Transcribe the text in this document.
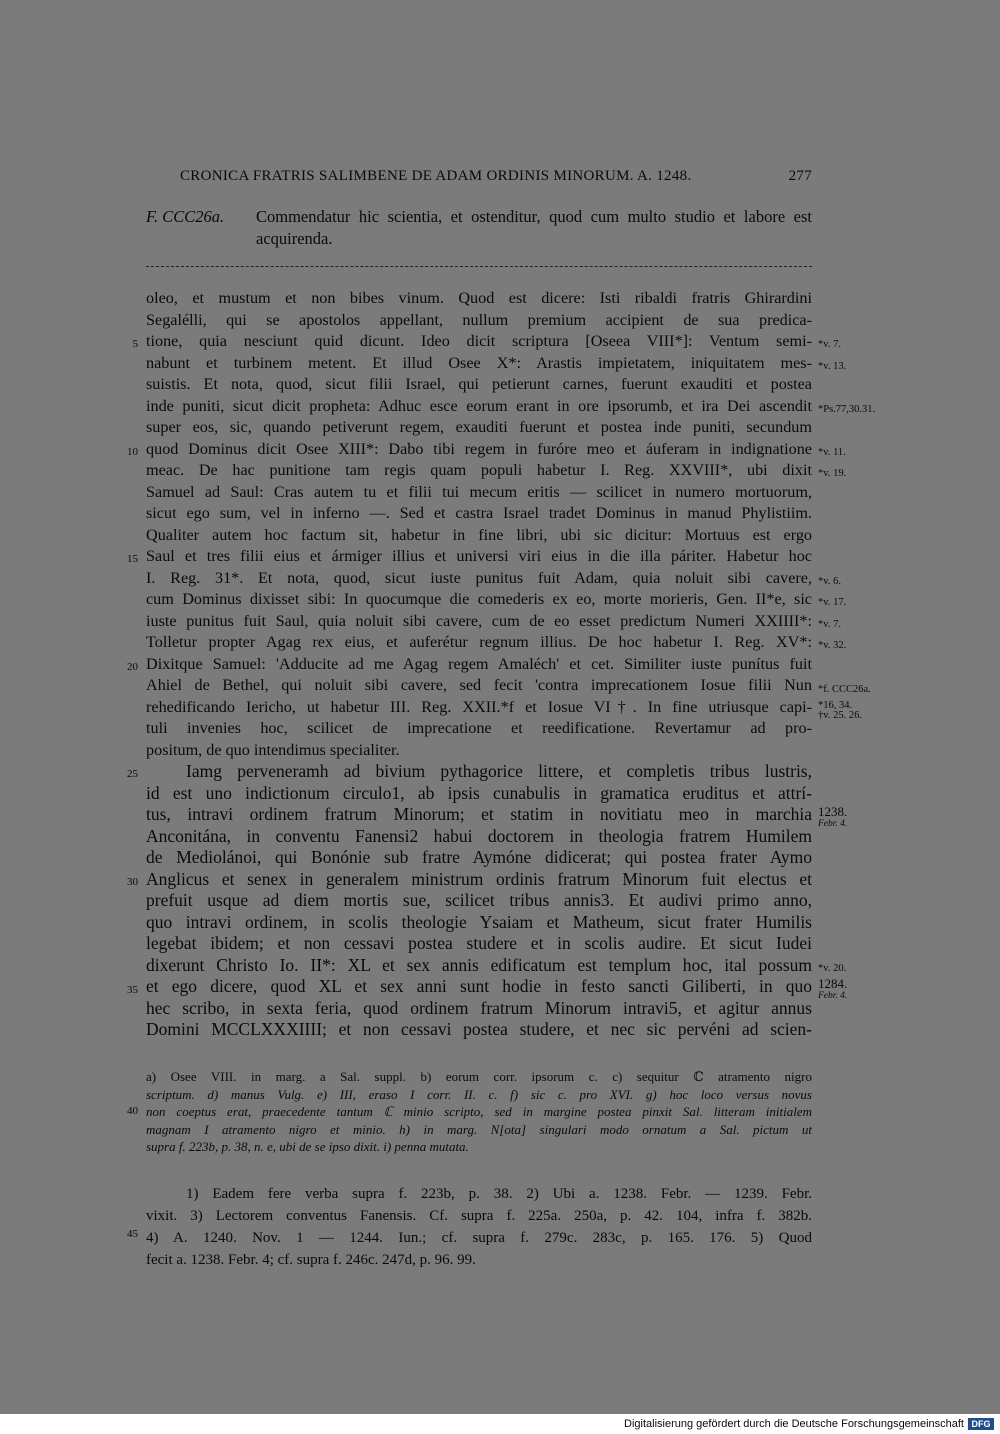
CRONICA FRATRIS SALIMBENE DE ADAM ORDINIS MINORUM. A. 1248.	277
F. CCC26a. Commendatur hic scientia, et ostenditur, quod cum multo studio et labore est acquirenda.
oleo, et mustum et non bibes vinum. Quod est dicere: Isti ribaldi fratris Ghirardini
Segalélli, qui se apostolos appellant, nullum premium accipient de sua predica-
tione, quia nesciunt quid dicunt. Ideo dicit scriptura [Oseea VIII*]: Ventum semi-
nabunt et turbinem metent. Et illud Osee X*: Arastis impietatem, iniquitatem mes-
suistis. Et nota, quod, sicut filii Israel, qui petierunt carnes, fuerunt exauditi et postea
inde puniti, sicut dicit propheta: Adhuc esce eorum erant in ore ipsorumb, et ira Dei ascendit
super eos, sic, quando petiverunt regem, exauditi fuerunt et postea inde puniti, secundum
quod Dominus dicit Osee XIII*: Dabo tibi regem in furóre meo et áuferam in indignatione
meac. De hac punitione tam regis quam populi habetur I. Reg. XXVIII*, ubi dixit
Samuel ad Saul: Cras autem tu et filii tui mecum eritis — scilicet in numero mortuorum,
sicut ego sum, vel in inferno —. Sed et castra Israel tradet Dominus in manud Phylistiim.
Qualiter autem hoc factum sit, habetur in fine libri, ubi sic dicitur: Mortuus est ergo
Saul et tres filii eius et ármiger illius et universi viri eius in die illa páriter. Habetur hoc
I. Reg. 31*. Et nota, quod, sicut iuste punitus fuit Adam, quia noluit sibi cavere,
cum Dominus dixisset sibi: In quocumque die comederis ex eo, morte morieris, Gen. II*e, sic
iuste punitus fuit Saul, quia noluit sibi cavere, cum de eo esset predictum Numeri XXIIII*:
Tolletur propter Agag rex eius, et auferétur regnum illius. De hoc habetur I. Reg. XV*:
Dixitque Samuel: 'Adducite ad me Agag regem Amaléch' et cet. Similiter iuste punítus fuit
Ahiel de Bethel, qui noluit sibi cavere, sed fecit 'contra imprecationem Iosue filii Nun
rehedificando Iericho, ut habetur III. Reg. XXII.*f et Iosue VI†. In fine utriusque capi-
tuli invenies hoc, scilicet de imprecatione et reedificatione. Revertamur ad pro-
positum, de quo intendimus specialiter.
Iamg perveneramh ad bivium pythagorice littere, et completis tribus lustris,
id est uno indictionum circulo1, ab ipsis cunabulis in gramatica eruditus et attrí-
tus, intravi ordinem fratrum Minorum; et statim in novitiatu meo in marchia
Anconitána, in conventu Fanensi2 habui doctorem in theologia fratrem Humilem
de Mediolánoi, qui Bonónie sub fratre Aymóne didicerat; qui postea frater Aymo
Anglicus et senex in generalem ministrum ordinis fratrum Minorum fuit electus et
prefuit usque ad diem mortis sue, scilicet tribus annis3. Et audivi primo anno,
quo intravi ordinem, in scolis theologie Ysaiam et Matheum, sicut frater Humilis
legebat ibidem; et non cessavi postea studere et in scolis audire. Et sicut Iudei
dixerunt Christo Io. II*: XL et sex annis edificatum est templum hoc, ital possum
et ego dicere, quod XL et sex anni sunt hodie in festo sancti Giliberti, in quo
hec scribo, in sexta feria, quod ordinem fratrum Minorum intravi5, et agitur annus
Domini MCCLXXXIIII; et non cessavi postea studere, et nec sic pervéni ad scien-
5
10
15
20
25
30
35
40
45
*v. 7.
*v. 13.
*Ps.77,30.31.
*v. 11.
*v. 19.
*v. 6.
*v. 17.
*v. 7.
*v. 32.
*f. CCC26a.
*16, 34.
†v. 25. 26.
*v. 20.
1238.
Febr. 4.
1284.
Febr. 4.
a) Osee VIII. in marg. a Sal. suppl. b) eorum corr. ipsorum c. c) sequitur ℂ atramento nigro
scriptum. d) manus Vulg. e) III, eraso I corr. II. c. f) sic c. pro XVI. g) hoc loco versus novus
non coeptus erat, praecedente tantum ℂ minio scripto, sed in margine postea pinxit Sal. litteram initialem
magnam I atramento nigro et minio. h) in marg. N[ota] singulari modo ornatum a Sal. pictum ut
supra f. 223b, p. 38, n. e, ubi de se ipso dixit. i) penna mutata.
1) Eadem fere verba supra f. 223b, p. 38. 2) Ubi a. 1238. Febr. — 1239. Febr.
vixit. 3) Lectorem conventus Fanensis. Cf. supra f. 225a. 250a, p. 42. 104, infra f. 382b.
4) A. 1240. Nov. 1 — 1244. Iun.; cf. supra f. 279c. 283c, p. 165. 176. 5) Quod
fecit a. 1238. Febr. 4; cf. supra f. 246c. 247d, p. 96. 99.
Digitalisierung gefördert durch die Deutsche Forschungsgemeinschaft DFG
